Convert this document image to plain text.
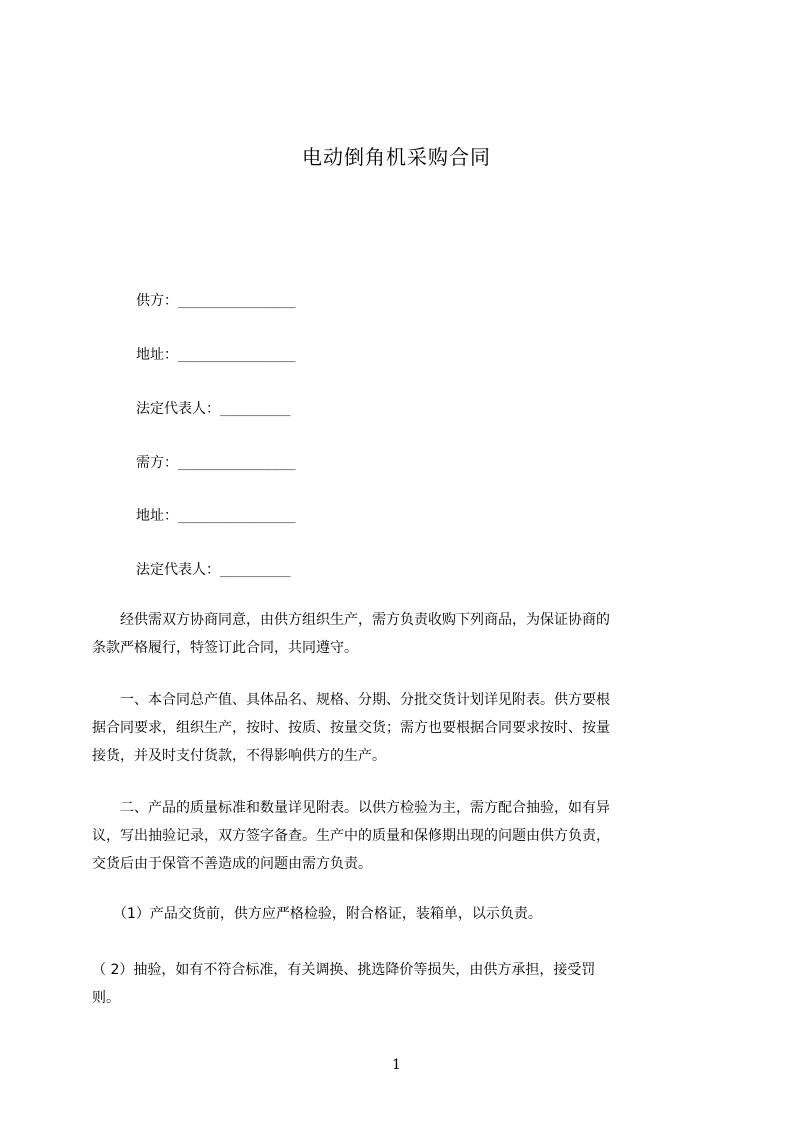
电动倒角机采购合同
供方：_______________
地址：_______________
法定代表人：_________
需方：_______________
地址：_______________
法定代表人：_________
　　经供需双方协商同意，由供方组织生产，需方负责收购下列商品，为保证协商的
条款严格履行，特签订此合同，共同遵守。
　　一、本合同总产值、具体品名、规格、分期、分批交货计划详见附表。供方要根
据合同要求，组织生产，按时、按质、按量交货；需方也要根据合同要求按时、按量
接货，并及时支付货款，不得影响供方的生产。
　　二、产品的质量标准和数量详见附表。以供方检验为主，需方配合抽验，如有异
议，写出抽验记录，双方签字备查。生产中的质量和保修期出现的问题由供方负责，
交货后由于保管不善造成的问题由需方负责。
　　（1）产品交货前，供方应严格检验，附合格证，装箱单，以示负责。
（ 2）抽验，如有不符合标准，有关调换、挑选降价等损失，由供方承担，接受罚
则。
1
